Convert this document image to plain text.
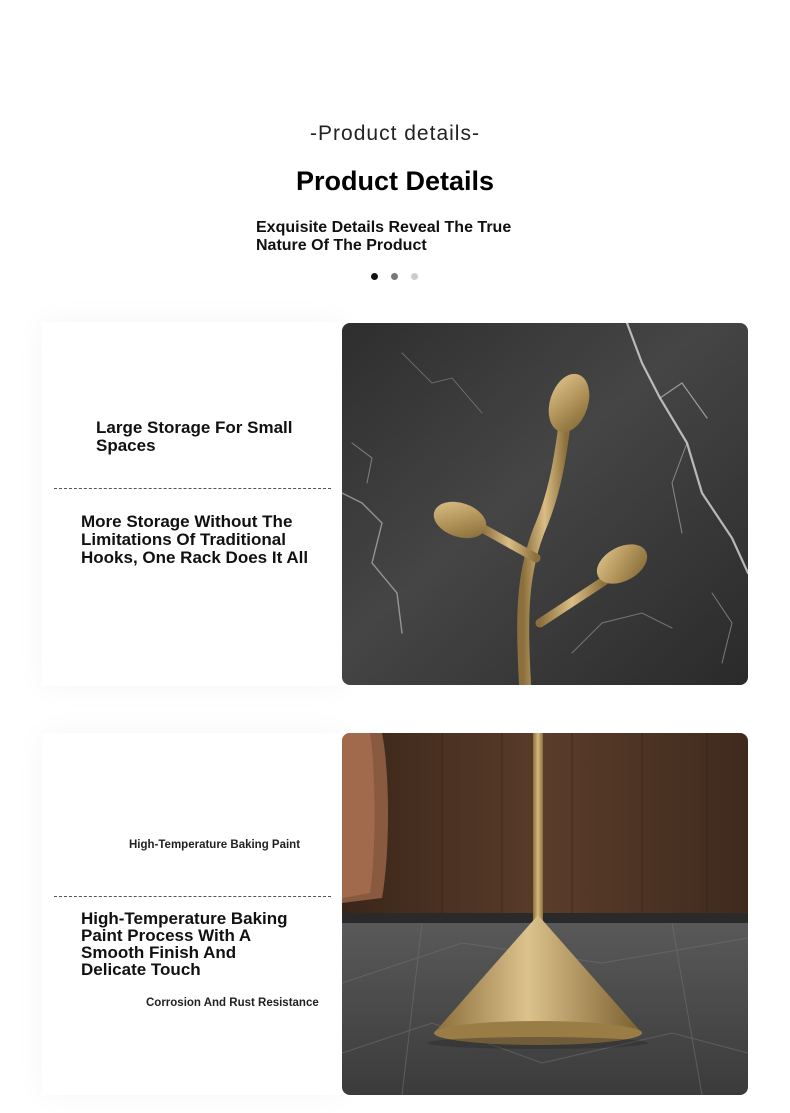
-Product details-
Product Details
Exquisite Details Reveal The True Nature Of The Product
Large Storage For Small Spaces
More Storage Without The Limitations Of Traditional Hooks, One Rack Does It All
High-Temperature Baking Paint
High-Temperature Baking Paint Process With A Smooth Finish And Delicate Touch
Corrosion And Rust Resistance
